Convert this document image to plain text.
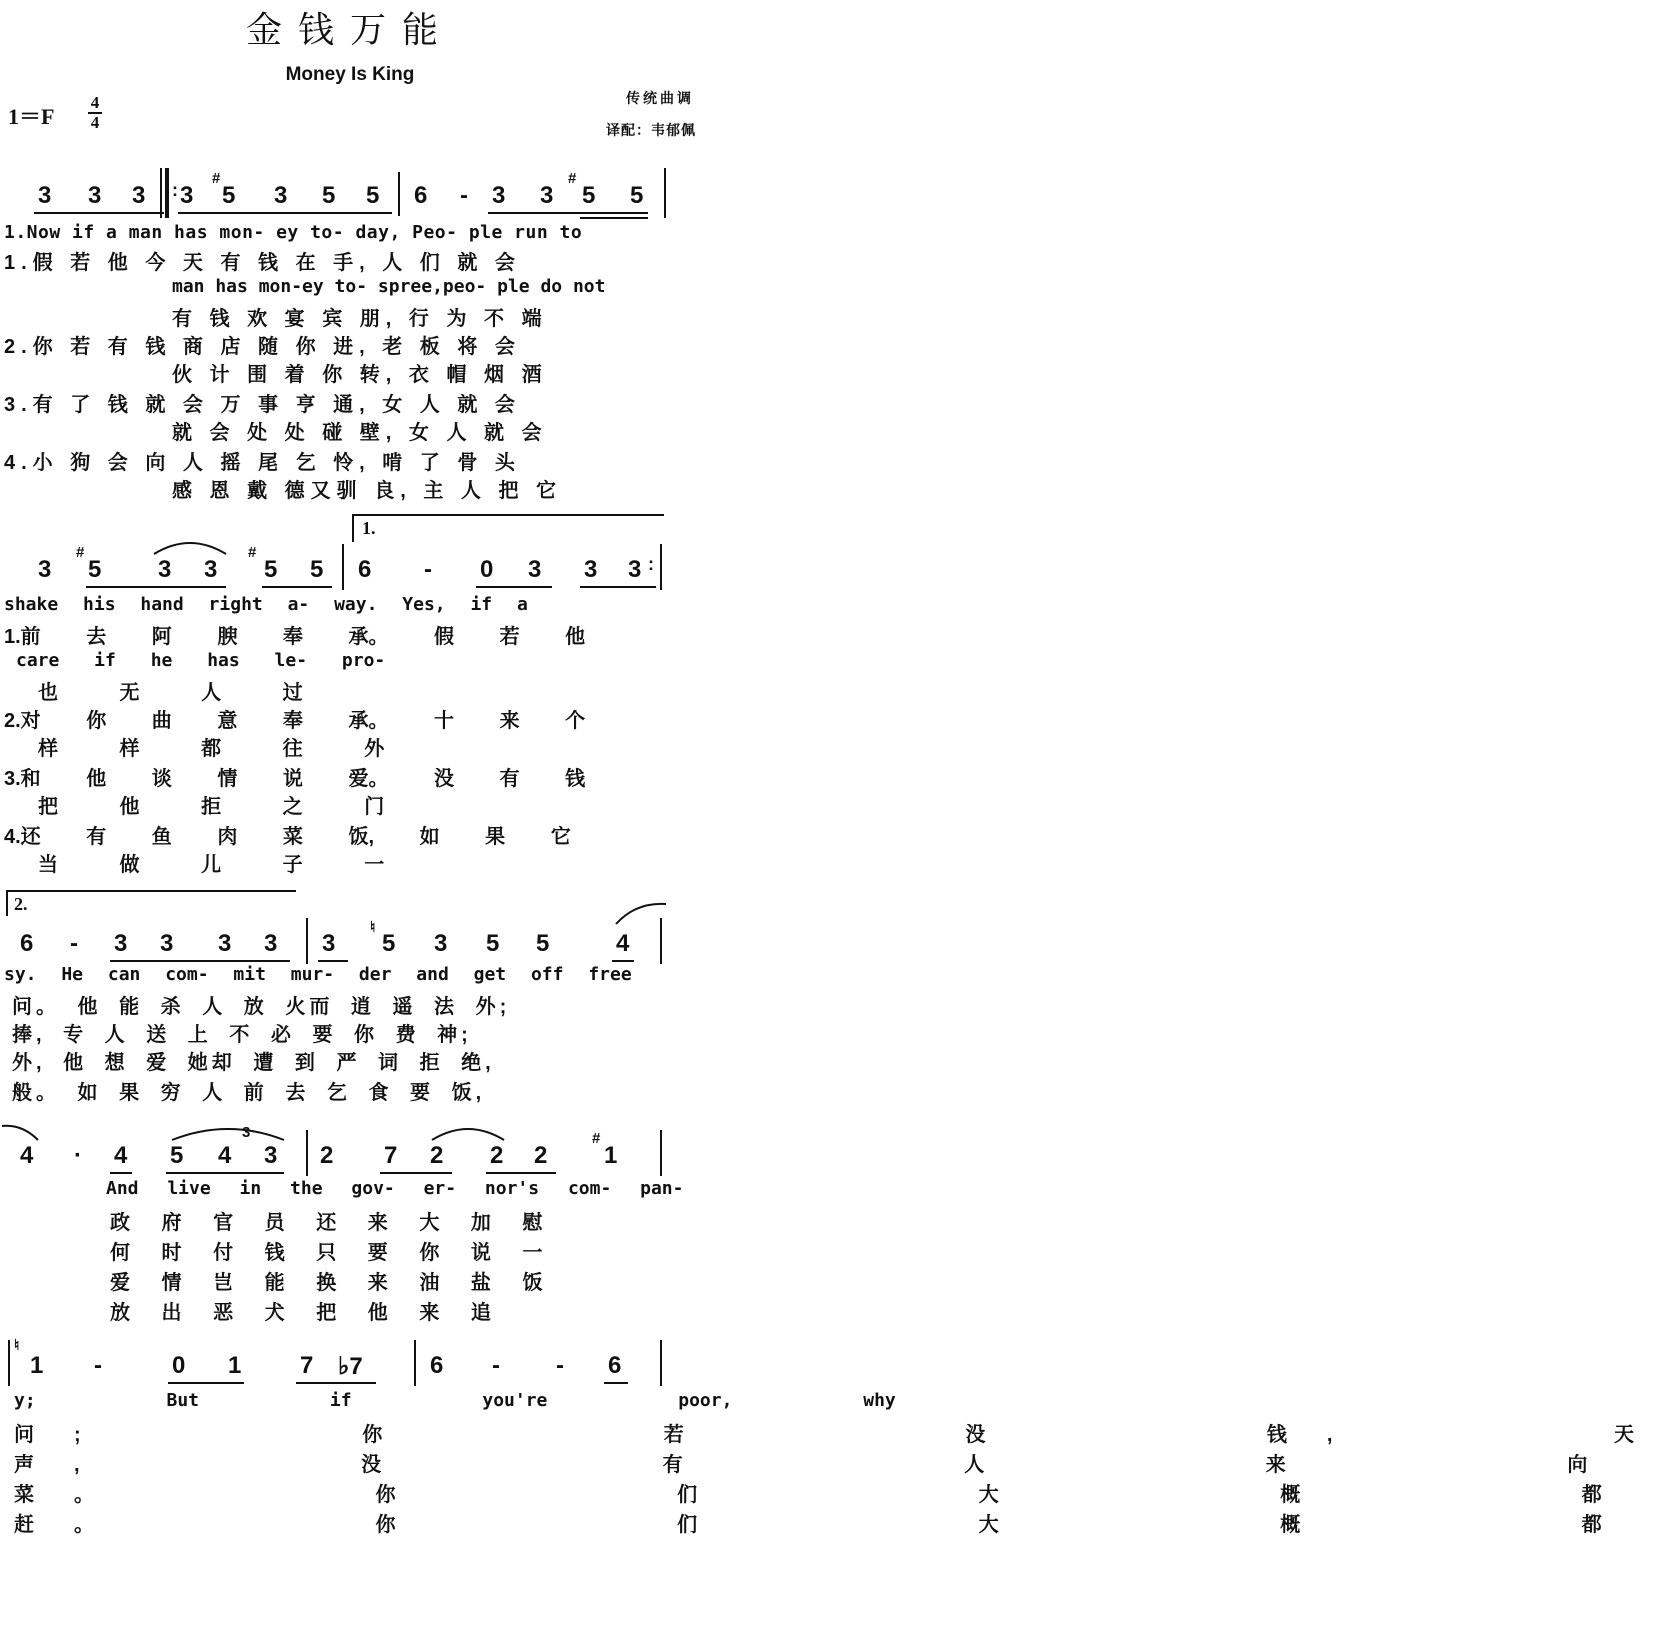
金钱万能
Money Is King
1＝F
4
4
传统曲调
译配：韦郁佩
3 3 3 : 3
#
5 3 5 5 6 - 3 3
#
5 5
1.Now if a man has mon- ey to- day, Peo- ple run to
1.假 若 他 今 天 有 钱 在 手, 人 们 就 会
man has mon-ey to- spree,peo- ple do not
有 钱 欢 宴 宾 朋, 行 为 不 端
2.你 若 有 钱 商 店 随 你 进, 老 板 将 会
伙 计 围 着 你 转, 衣 帽 烟 酒
3.有 了 钱 就 会 万 事 亨 通, 女 人 就 会
就 会 处 处 碰 壁, 女 人 就 会
4.小 狗 会 向 人 摇 尾 乞 怜, 啃 了 骨 头
感 恩 戴 德又驯 良, 主 人 把 它
1.
3
#
5 3 3
#
5 5 6 - 0 3 3 3 :
shake his hand right a- way. Yes, if a
1.前 去 阿 腴 奉 承。 假 若 他
care if he has le- pro-
也 无 人 过
2.对 你 曲 意 奉 承。 十 来 个
样 样 都 往 外
3.和 他 谈 情 说 爱。 没 有 钱
把 他 拒 之 门
4.还 有 鱼 肉 菜 饭, 如 果 它
当 做 儿 子 一
2.
6 - 3 3 3 3 3
♮
5 3 5 5	4
sy. He can com- mit mur- der and get off free
问。 他 能 杀 人 放 火而 逍 遥 法 外;
捧, 专 人 送 上 不 必 要 你 费 神;
外, 他 想 爱 她却 遭 到 严 词 拒 绝,
般。 如 果 穷 人 前 去 乞 食 要 饭,
4 · 4 5 4 3
3
2 7 2 2 2
#
1
And live in the gov- er- nor's com- pan-
政 府 官 员 还 来 大 加 慰
何 时 付 钱 只 要 你 说 一
爱 情 岂 能 换 来 油 盐 饭
放 出 恶 犬 把 他 来 追
♮
1 -	0 1 7 ♭7	6 - - 6
y; But if you're poor, why
问; 你 若 没 钱, 天
声, 没 有 人 来 向
菜。 你 们 大 概 都
赶。 你 们 大 概 都
